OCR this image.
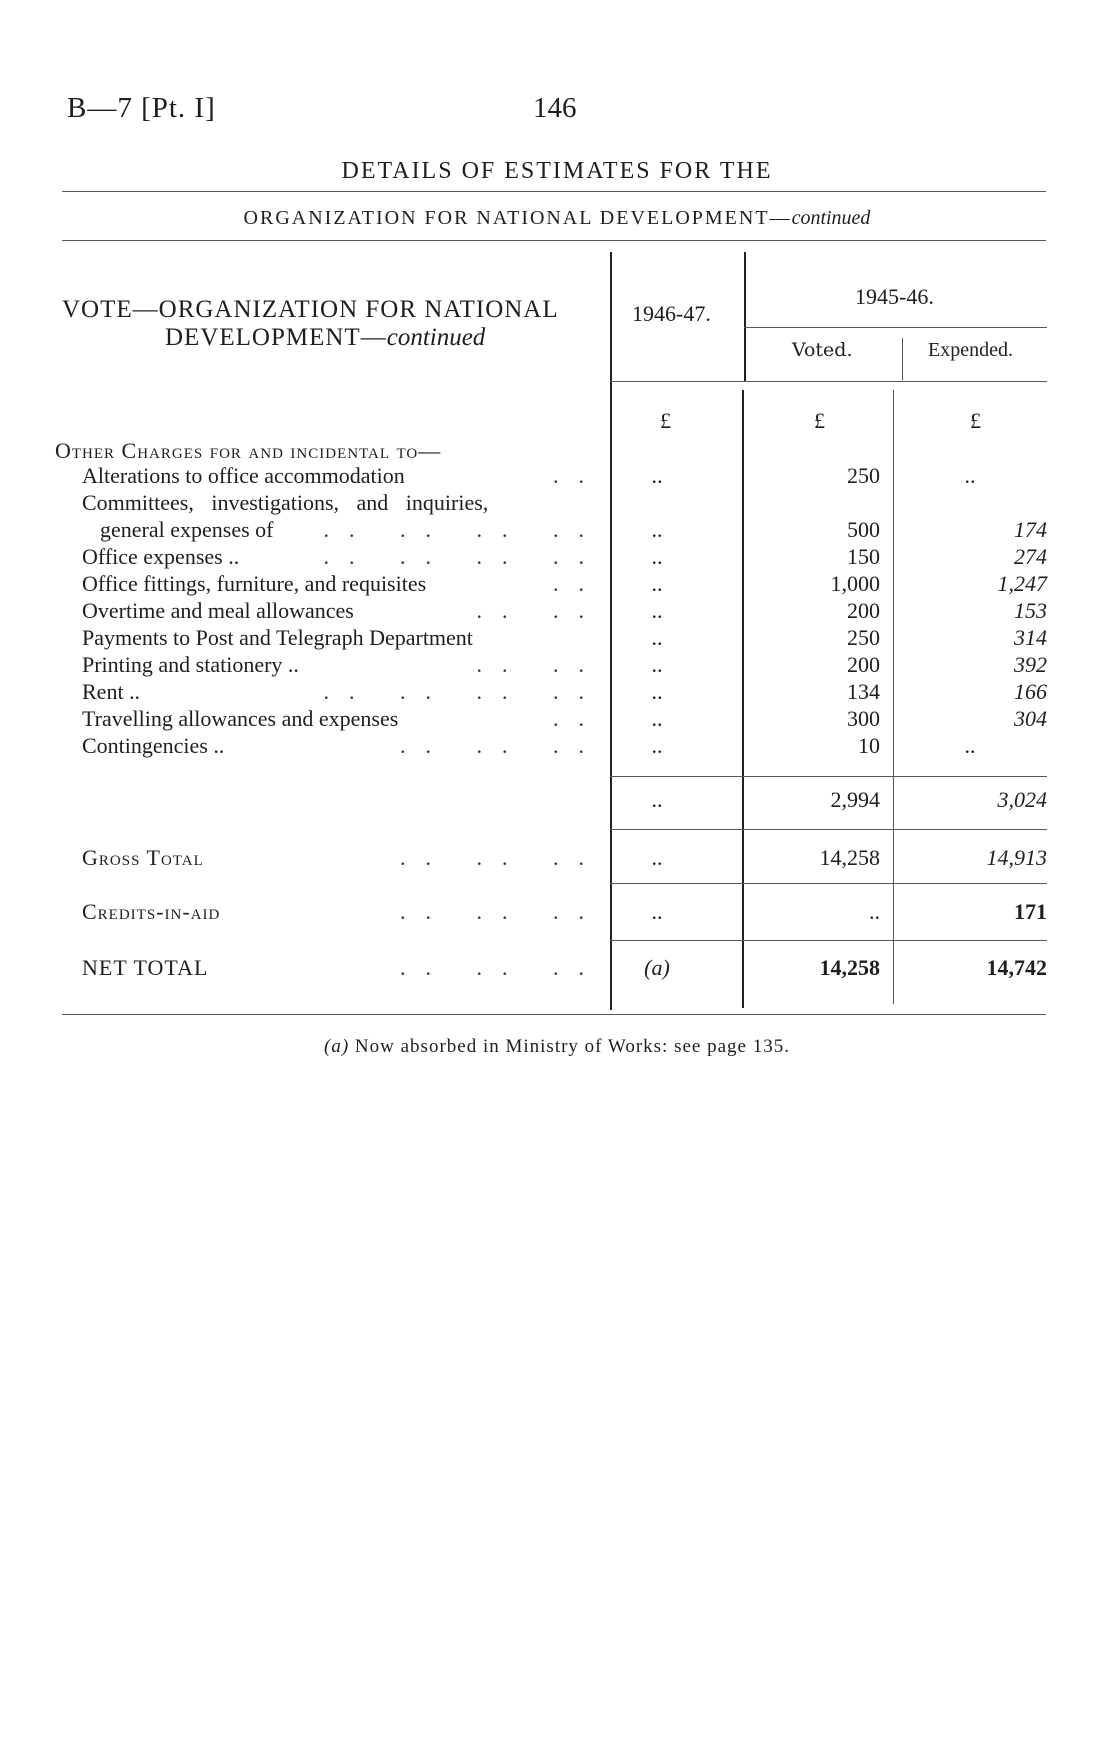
B—7 [Pt. I]	146
DETAILS OF ESTIMATES FOR THE
ORGANIZATION FOR NATIONAL DEVELOPMENT—continued
VOTE—ORGANIZATION FOR NATIONAL
DEVELOPMENT—continued
1946-47.
1945-46.
Voted.	Expended.
£	£	£
Other Charges for and incidental to—
Alterations to office accommodation	..	..	250	..
Committees, investigations, and inquiries,
general expenses of .. .. .. ..	..	500	174
Office expenses ..	.. .. .. ..	..	150	274
Office fittings, furniture, and requisites	..	..	1,000	1,247
Overtime and meal allowances	.. ..	..	200	153
Payments to Post and Telegraph Department	..	250	314
Printing and stationery ..	.. ..	..	200	392
Rent ..	.. .. .. ..	..	134	166
Travelling allowances and expenses	..	..	300	304
Contingencies ..	.. .. ..	..	10	..
..	2,994	3,024
Gross Total	.. .. ..	..	14,258	14,913
Credits-in-aid	.. .. ..	..	..	171
NET TOTAL	.. .. ..	(a)	14,258	14,742
(a) Now absorbed in Ministry of Works: see page 135.
